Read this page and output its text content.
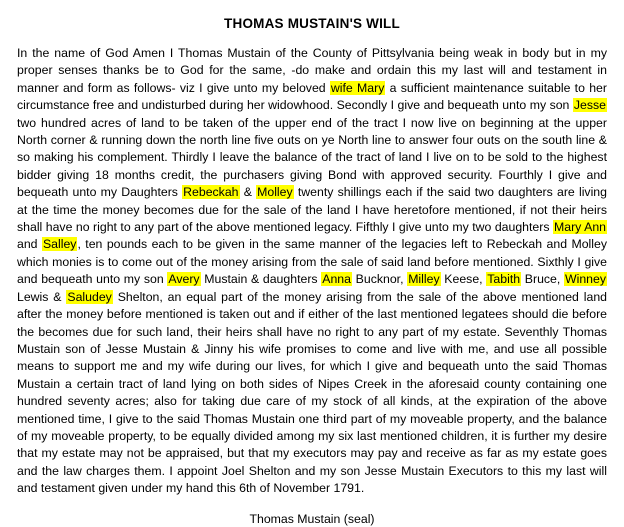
THOMAS MUSTAIN'S WILL
In the name of God Amen I Thomas Mustain of the County of Pittsylvania being weak in body but in my proper senses thanks be to God for the same, -do make and ordain this my last will and testament in manner and form as follows- viz I give unto my beloved wife Mary a sufficient maintenance suitable to her circumstance free and undisturbed during her widowhood. Secondly I give and bequeath unto my son Jesse two hundred acres of land to be taken of the upper end of the tract I now live on beginning at the upper North corner & running down the north line five outs on ye North line to answer four outs on the south line & so making his complement. Thirdly I leave the balance of the tract of land I live on to be sold to the highest bidder giving 18 months credit, the purchasers giving Bond with approved security. Fourthly I give and bequeath unto my Daughters Rebeckah & Molley twenty shillings each if the said two daughters are living at the time the money becomes due for the sale of the land I have heretofore mentioned, if not their heirs shall have no right to any part of the above mentioned legacy. Fifthly I give unto my two daughters Mary Ann and Salley, ten pounds each to be given in the same manner of the legacies left to Rebeckah and Molley which monies is to come out of the money arising from the sale of said land before mentioned. Sixthly I give and bequeath unto my son Avery Mustain & daughters Anna Bucknor, Milley Keese, Tabith Bruce, Winney Lewis & Saludey Shelton, an equal part of the money arising from the sale of the above mentioned land after the money before mentioned is taken out and if either of the last mentioned legatees should die before the becomes due for such land, their heirs shall have no right to any part of my estate. Seventhly Thomas Mustain son of Jesse Mustain & Jinny his wife promises to come and live with me, and use all possible means to support me and my wife during our lives, for which I give and bequeath unto the said Thomas Mustain a certain tract of land lying on both sides of Nipes Creek in the aforesaid county containing one hundred seventy acres; also for taking due care of my stock of all kinds, at the expiration of the above mentioned time, I give to the said Thomas Mustain one third part of my moveable property, and the balance of my moveable property, to be equally divided among my six last mentioned children, it is further my desire that my estate may not be appraised, but that my executors may pay and receive as far as my estate goes and the law charges them. I appoint Joel Shelton and my son Jesse Mustain Executors to this my last will and testament given under my hand this 6th of November 1791.
Thomas Mustain (seal)
